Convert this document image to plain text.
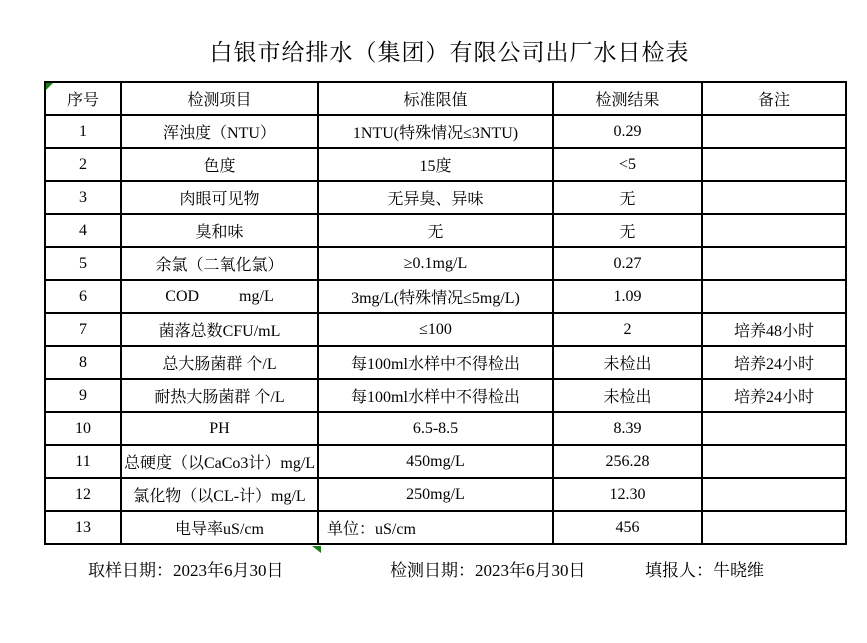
白银市给排水（集团）有限公司出厂水日检表
序号	检测项目	标准限值	检测结果	备注
1	浑浊度（NTU）	1NTU(特殊情况≤3NTU)	0.29	
2	色度	15度	<5	
3	肉眼可见物	无异臭、异味	无	
4	臭和味	无	无	
5	余氯（二氧化氯）	≥0.1mg/L	0.27	
6	COD          mg/L	3mg/L(特殊情况≤5mg/L)	1.09	
7	菌落总数CFU/mL	≤100	2	培养48小时
8	总大肠菌群 个/L	每100ml水样中不得检出	未检出	培养24小时
9	耐热大肠菌群 个/L	每100ml水样中不得检出	未检出	培养24小时
10	PH	6.5-8.5	8.39	
11	总硬度（以CaCo3计）mg/L	450mg/L	256.28	
12	氯化物（以CL-计）mg/L	250mg/L	12.30	
13	电导率uS/cm	单位：uS/cm	456	
取样日期：2023年6月30日	检测日期：2023年6月30日	填报人：牛晓维
